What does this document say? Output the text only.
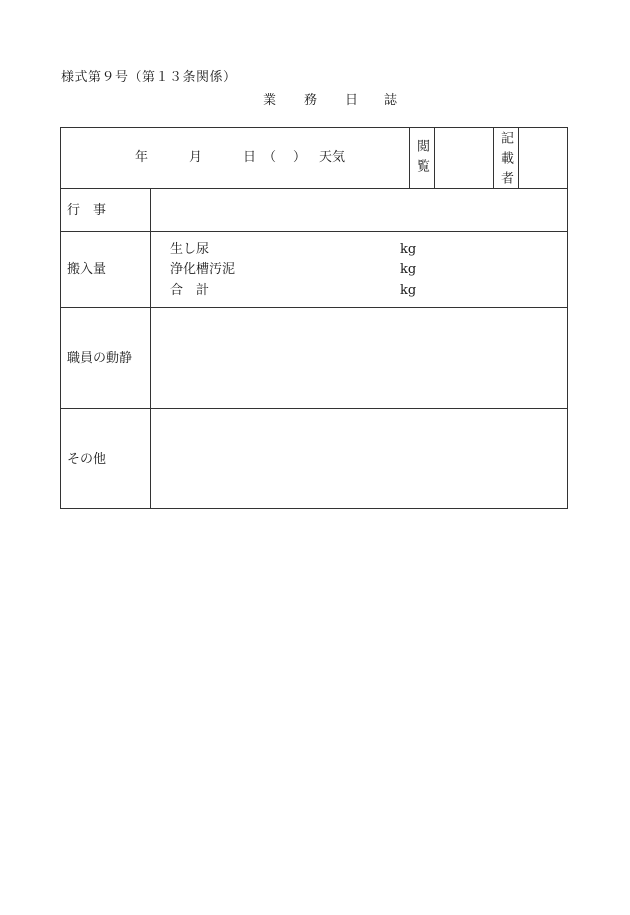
様式第９号（第１３条関係）
業 務 日 誌
年	月	日 （ ） 天気	閲覧	記載者
行　事
搬入量
生し尿	kg
浄化槽汚泥	kg
合　計	kg
職員の動静
その他
